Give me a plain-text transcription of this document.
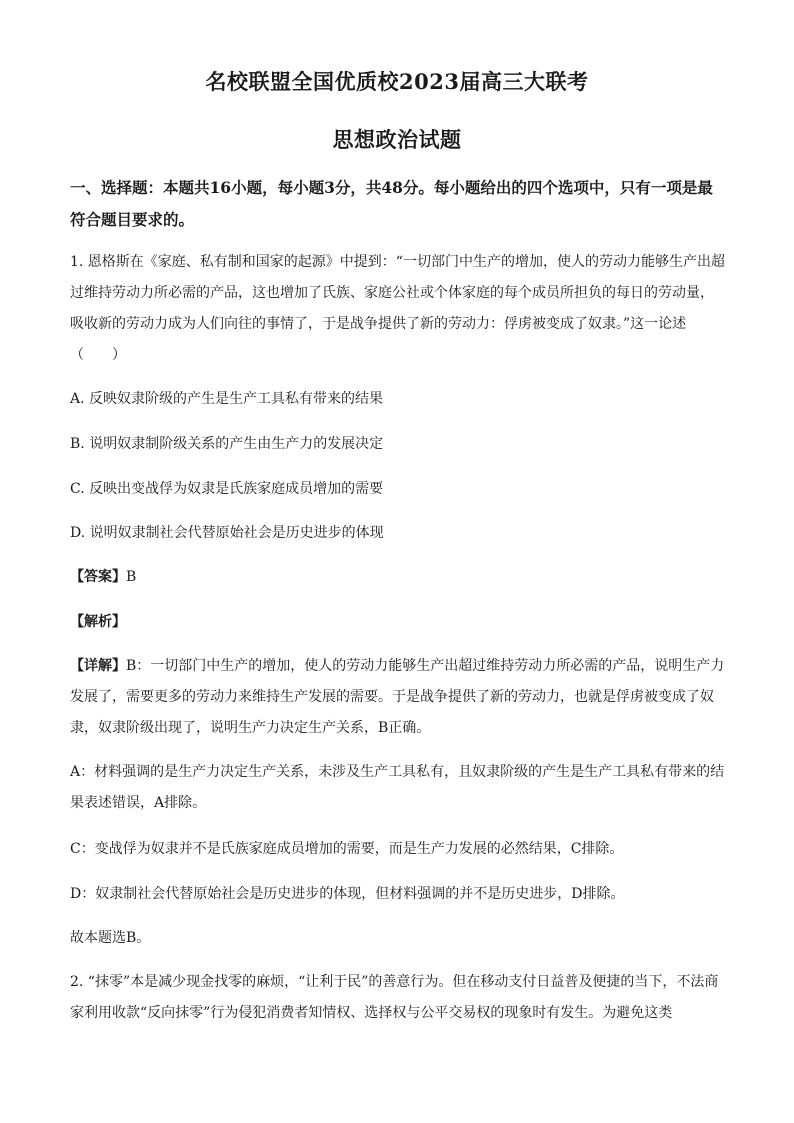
名校联盟全国优质校2023届高三大联考
思想政治试题
一、选择题：本题共16小题，每小题3分，共48分。每小题给出的四个选项中，只有一项是最符合题目要求的。
1. 恩格斯在《家庭、私有制和国家的起源》中提到：“一切部门中生产的增加，使人的劳动力能够生产出超过维持劳动力所必需的产品，这也增加了氏族、家庭公社或个体家庭的每个成员所担负的每日的劳动量，吸收新的劳动力成为人们向往的事情了，于是战争提供了新的劳动力：俘虏被变成了奴隶。”这一论述（　　）
A. 反映奴隶阶级的产生是生产工具私有带来的结果
B. 说明奴隶制阶级关系的产生由生产力的发展决定
C. 反映出变战俘为奴隶是氏族家庭成员增加的需要
D. 说明奴隶制社会代替原始社会是历史进步的体现
【答案】B
【解析】
【详解】B：一切部门中生产的增加，使人的劳动力能够生产出超过维持劳动力所必需的产品，说明生产力发展了，需要更多的劳动力来维持生产发展的需要。于是战争提供了新的劳动力，也就是俘虏被变成了奴隶，奴隶阶级出现了，说明生产力决定生产关系，B正确。
A：材料强调的是生产力决定生产关系，未涉及生产工具私有，且奴隶阶级的产生是生产工具私有带来的结果表述错误，A排除。
C：变战俘为奴隶并不是氏族家庭成员增加的需要，而是生产力发展的必然结果，C排除。
D：奴隶制社会代替原始社会是历史进步的体现，但材料强调的并不是历史进步，D排除。
故本题选B。
2. “抹零”本是减少现金找零的麻烦，“让利于民”的善意行为。但在移动支付日益普及便捷的当下，不法商家利用收款“反向抹零”行为侵犯消费者知情权、选择权与公平交易权的现象时有发生。为避免这类
